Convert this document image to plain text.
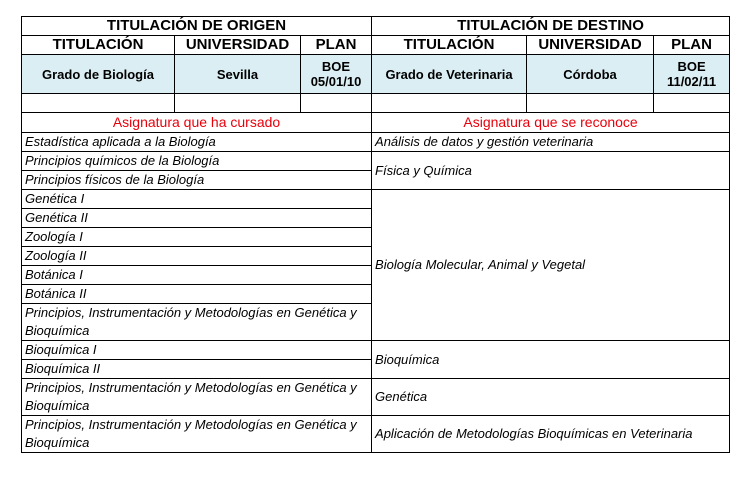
TITULACIÓN DE ORIGEN			TITULACIÓN DE DESTINO		
TITULACIÓN	UNIVERSIDAD	PLAN	TITULACIÓN	UNIVERSIDAD	PLAN
Grado de Biología	Sevilla	BOE 05/01/10	Grado de Veterinaria	Córdoba	BOE 11/02/11

Asignatura que ha cursado			Asignatura que se reconoce		
Estadística aplicada a la Biología			Análisis de datos y gestión veterinaria		
Principios químicos de la Biología			Física y Química		
Principios físicos de la Biología					
Genética I			Biología Molecular, Animal y Vegetal		
Genética II					
Zoología I					
Zoología II					
Botánica I					
Botánica II					
Principios, Instrumentación y Metodologías en Genética y Bioquímica					
Bioquímica I			Bioquímica		
Bioquímica II					
Principios, Instrumentación y Metodologías en Genética y Bioquímica			Genética		
Principios, Instrumentación y Metodologías en Genética y Bioquímica			Aplicación de Metodologías Bioquímicas en Veterinaria		
